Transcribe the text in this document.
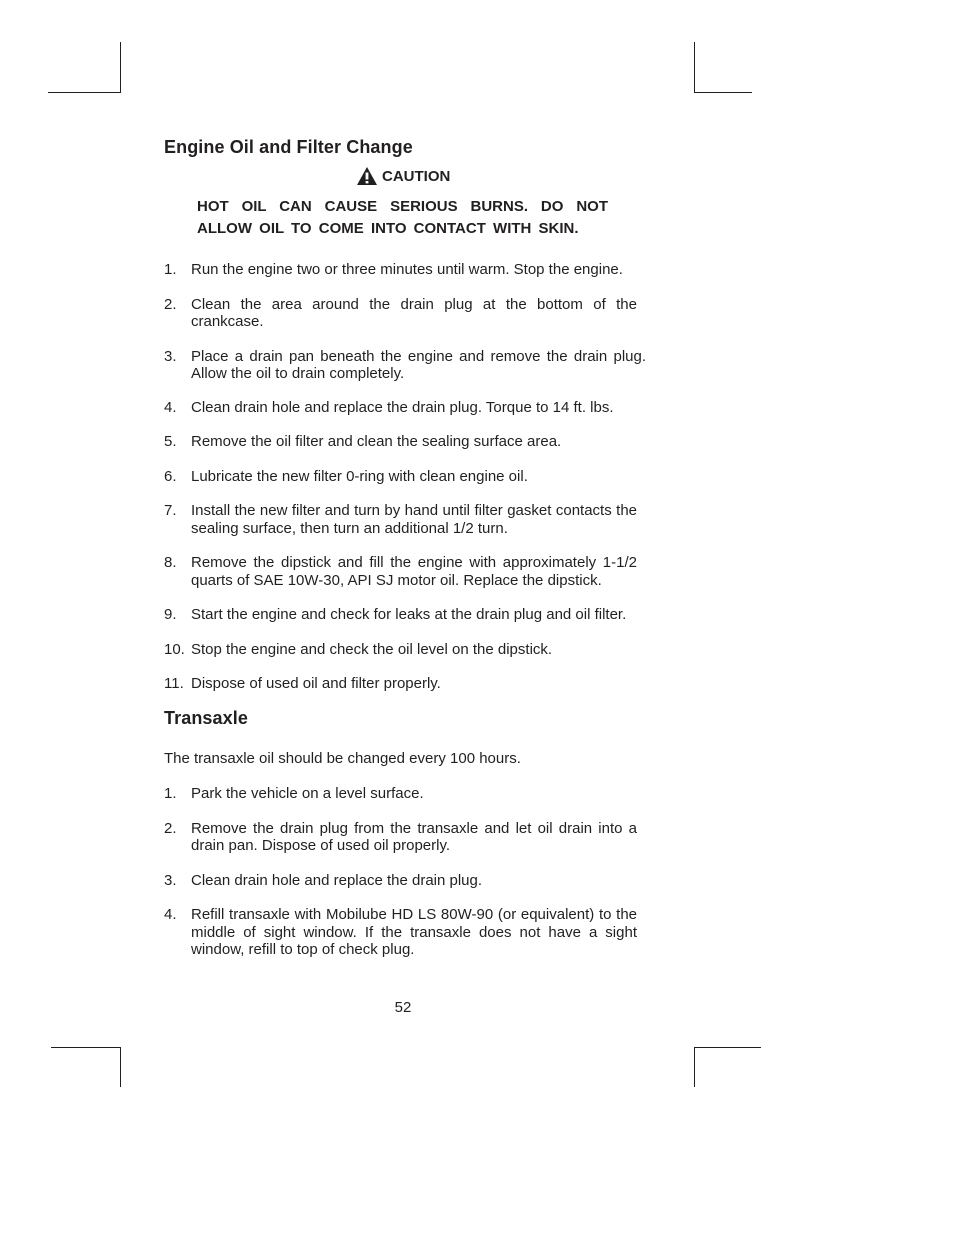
Engine Oil and Filter Change
CAUTION

HOT OIL CAN CAUSE SERIOUS BURNS. DO NOT ALLOW OIL TO COME INTO CONTACT WITH SKIN.

1. Run the engine two or three minutes until warm. Stop the engine.
2. Clean the area around the drain plug at the bottom of the crankcase.
3. Place a drain pan beneath the engine and remove the drain plug. Allow the oil to drain completely.
4. Clean drain hole and replace the drain plug. Torque to 14 ft. lbs.
5. Remove the oil filter and clean the sealing surface area.
6. Lubricate the new filter 0-ring with clean engine oil.
7. Install the new filter and turn by hand until filter gasket contacts the sealing surface, then turn an additional 1/2 turn.
8. Remove the dipstick and fill the engine with approximately 1-1/2 quarts of SAE 10W-30, API SJ motor oil. Replace the dipstick.
9. Start the engine and check for leaks at the drain plug and oil filter.
10. Stop the engine and check the oil level on the dipstick.
11. Dispose of used oil and filter properly.
Transaxle

The transaxle oil should be changed every 100 hours.

1. Park the vehicle on a level surface.
2. Remove the drain plug from the transaxle and let oil drain into a drain pan. Dispose of used oil properly.
3. Clean drain hole and replace the drain plug.
4. Refill transaxle with Mobilube HD LS 80W-90 (or equivalent) to the middle of sight window. If the transaxle does not have a sight window, refill to top of check plug.
52
